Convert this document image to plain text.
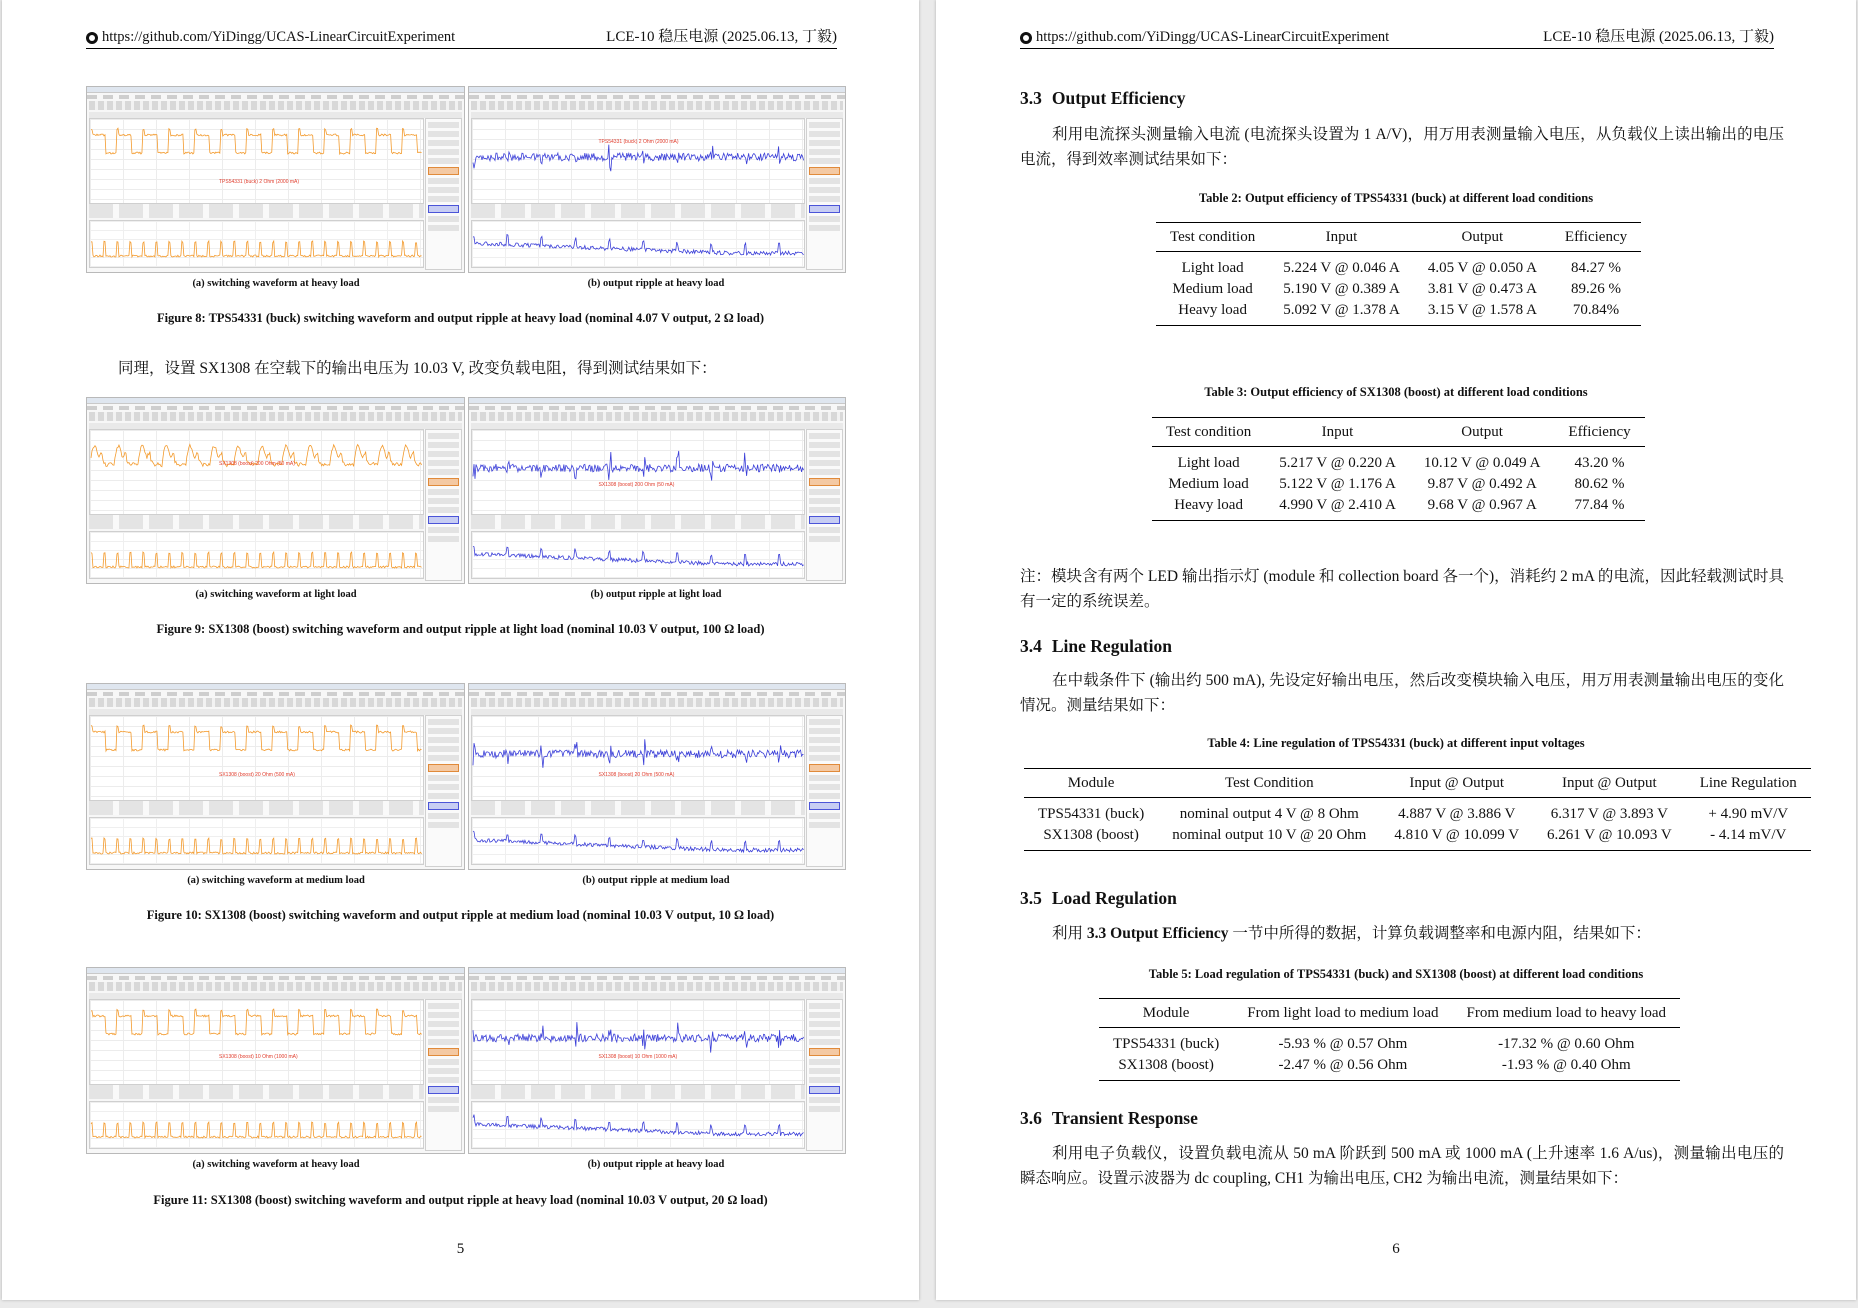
https://github.com/YiDingg/UCAS-LinearCircuitExperiment	LCE-10 稳压电源 (2025.06.13, 丁毅)
TPS54331 (buck) 2 Ohm (2000 mA)
TPS54331 (buck) 2 Ohm (2000 mA)
(a) switching waveform at heavy load	(b) output ripple at heavy load
Figure 8: TPS54331 (buck) switching waveform and output ripple at heavy load (nominal 4.07 V output, 2 Ω load)
同理，设置 SX1308 在空载下的输出电压为 10.03 V, 改变负载电阻，得到测试结果如下：
SX1308 (boost) 200 Ohm (50 mA)
SX1308 (boost) 200 Ohm (50 mA)
(a) switching waveform at light load	(b) output ripple at light load
Figure 9: SX1308 (boost) switching waveform and output ripple at light load (nominal 10.03 V output, 100 Ω load)
SX1308 (boost) 20 Ohm (500 mA)	SX1308 (boost) 20 Ohm (500 mA)
(a) switching waveform at medium load	(b) output ripple at medium load
Figure 10: SX1308 (boost) switching waveform and output ripple at medium load (nominal 10.03 V output, 10 Ω load)
SX1308 (boost) 10 Ohm (1000 mA)	SX1308 (boost) 10 Ohm (1000 mA)
(a) switching waveform at heavy load	(b) output ripple at heavy load
Figure 11: SX1308 (boost) switching waveform and output ripple at heavy load (nominal 10.03 V output, 20 Ω load)
5
https://github.com/YiDingg/UCAS-LinearCircuitExperiment	LCE-10 稳压电源 (2025.06.13, 丁毅)
3.3 Output Efficiency
利用电流探头测量输入电流 (电流探头设置为 1 A/V)，用万用表测量输入电压，从负载仪上读出输出的电压电流，得到效率测试结果如下：
Table 2: Output efficiency of TPS54331 (buck) at different load conditions
Test condition	Input	Output	Efficiency
Light load	5.224 V @ 0.046 A	4.05 V @ 0.050 A	84.27 %
Medium load	5.190 V @ 0.389 A	3.81 V @ 0.473 A	89.26 %
Heavy load	5.092 V @ 1.378 A	3.15 V @ 1.578 A	70.84%
Table 3: Output efficiency of SX1308 (boost) at different load conditions
Test condition	Input	Output	Efficiency
Light load	5.217 V @ 0.220 A	10.12 V @ 0.049 A	43.20 %
Medium load	5.122 V @ 1.176 A	9.87 V @ 0.492 A	80.62 %
Heavy load	4.990 V @ 2.410 A	9.68 V @ 0.967 A	77.84 %
注：模块含有两个 LED 输出指示灯 (module 和 collection board 各一个)，消耗约 2 mA 的电流，因此轻载测试时具有一定的系统误差。
3.4 Line Regulation
在中载条件下 (输出约 500 mA), 先设定好输出电压，然后改变模块输入电压，用万用表测量输出电压的变化情况。测量结果如下：
Table 4: Line regulation of TPS54331 (buck) at different input voltages
Module	Test Condition	Input @ Output	Input @ Output	Line Regulation
TPS54331 (buck)	nominal output 4 V @ 8 Ohm	4.887 V @ 3.886 V	6.317 V @ 3.893 V	+ 4.90 mV/V
SX1308 (boost)	nominal output 10 V @ 20 Ohm	4.810 V @ 10.099 V	6.261 V @ 10.093 V	- 4.14 mV/V
3.5 Load Regulation
利用 3.3 Output Efficiency 一节中所得的数据，计算负载调整率和电源内阻，结果如下：
Table 5: Load regulation of TPS54331 (buck) and SX1308 (boost) at different load conditions
Module	From light load to medium load	From medium load to heavy load
TPS54331 (buck)	-5.93 % @ 0.57 Ohm	-17.32 % @ 0.60 Ohm
SX1308 (boost)	-2.47 % @ 0.56 Ohm	-1.93 % @ 0.40 Ohm
3.6 Transient Response
利用电子负载仪，设置负载电流从 50 mA 阶跃到 500 mA 或 1000 mA (上升速率 1.6 A/us)，测量输出电压的瞬态响应。设置示波器为 dc coupling, CH1 为输出电压, CH2 为输出电流，测量结果如下：
6
